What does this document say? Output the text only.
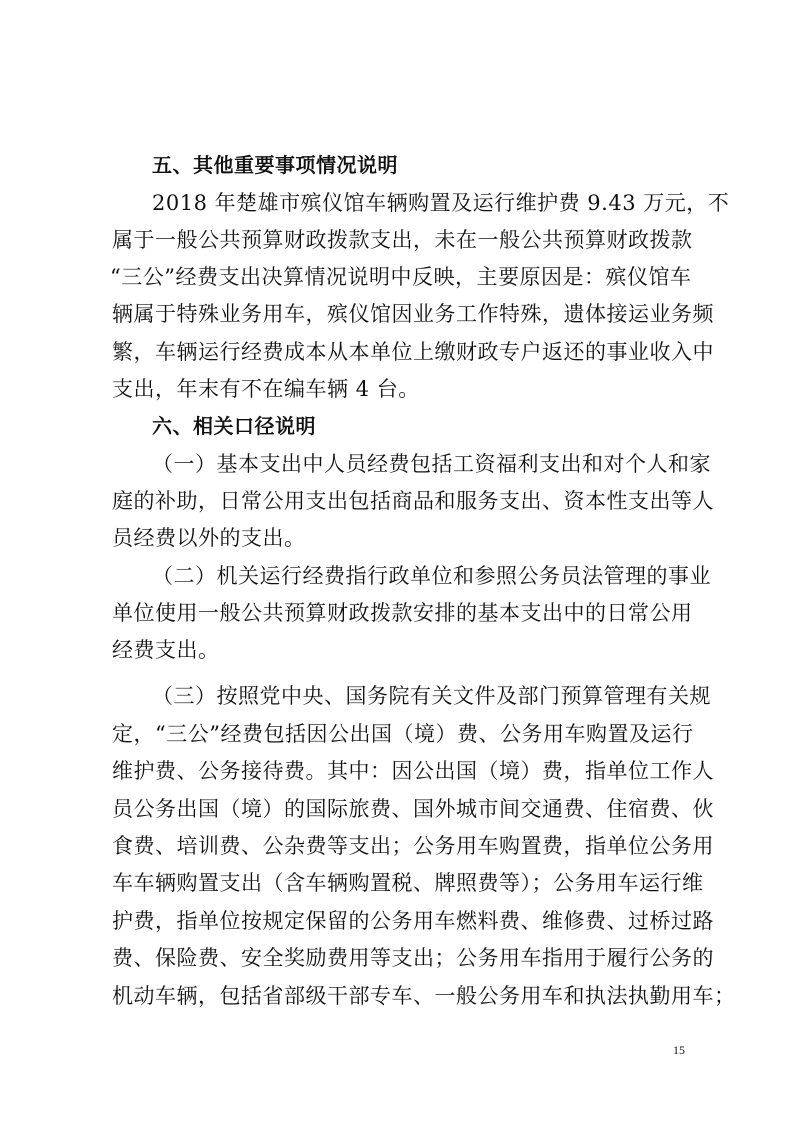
五、其他重要事项情况说明
2018 年楚雄市殡仪馆车辆购置及运行维护费 9.43 万元，不
属于一般公共预算财政拨款支出，未在一般公共预算财政拨款
“三公”经费支出决算情况说明中反映，主要原因是：殡仪馆车
辆属于特殊业务用车，殡仪馆因业务工作特殊，遗体接运业务频
繁，车辆运行经费成本从本单位上缴财政专户返还的事业收入中
支出，年末有不在编车辆 4 台。
六、相关口径说明
（一）基本支出中人员经费包括工资福利支出和对个人和家
庭的补助，日常公用支出包括商品和服务支出、资本性支出等人
员经费以外的支出。
（二）机关运行经费指行政单位和参照公务员法管理的事业
单位使用一般公共预算财政拨款安排的基本支出中的日常公用
经费支出。
（三）按照党中央、国务院有关文件及部门预算管理有关规
定，“三公”经费包括因公出国（境）费、公务用车购置及运行
维护费、公务接待费。其中：因公出国（境）费，指单位工作人
员公务出国（境）的国际旅费、国外城市间交通费、住宿费、伙
食费、培训费、公杂费等支出；公务用车购置费，指单位公务用
车车辆购置支出（含车辆购置税、牌照费等）；公务用车运行维
护费，指单位按规定保留的公务用车燃料费、维修费、过桥过路
费、保险费、安全奖励费用等支出；公务用车指用于履行公务的
机动车辆，包括省部级干部专车、一般公务用车和执法执勤用车；
15
